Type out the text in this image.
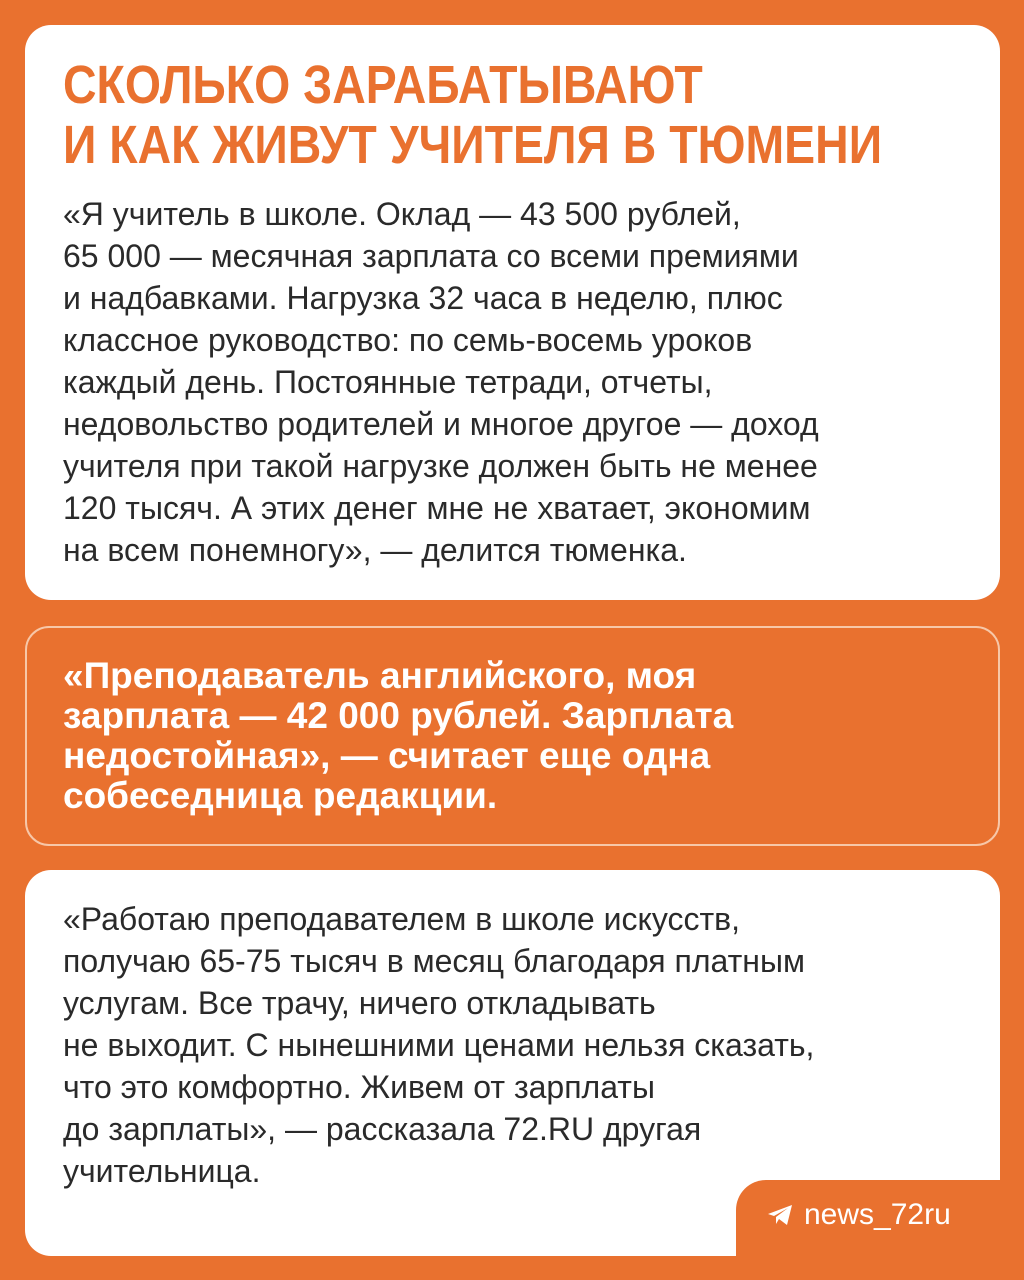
СКОЛЬКО ЗАРАБАТЫВАЮТ
И КАК ЖИВУТ УЧИТЕЛЯ В ТЮМЕНИ

«Я учитель в школе. Оклад — 43 500 рублей,
65 000 — месячная зарплата со всеми премиями
и надбавками. Нагрузка 32 часа в неделю, плюс
классное руководство: по семь-восемь уроков
каждый день. Постоянные тетради, отчеты,
недовольство родителей и многое другое — доход
учителя при такой нагрузке должен быть не менее
120 тысяч. А этих денег мне не хватает, экономим
на всем понемногу», — делится тюменка.

«Преподаватель английского, моя
зарплата — 42 000 рублей. Зарплата
недостойная», — считает еще одна
собеседница редакции.

«Работаю преподавателем в школе искусств,
получаю 65-75 тысяч в месяц благодаря платным
услугам. Все трачу, ничего откладывать
не выходит. С нынешними ценами нельзя сказать,
что это комфортно. Живем от зарплаты
до зарплаты», — рассказала 72.RU другая
учительница.

news_72ru
